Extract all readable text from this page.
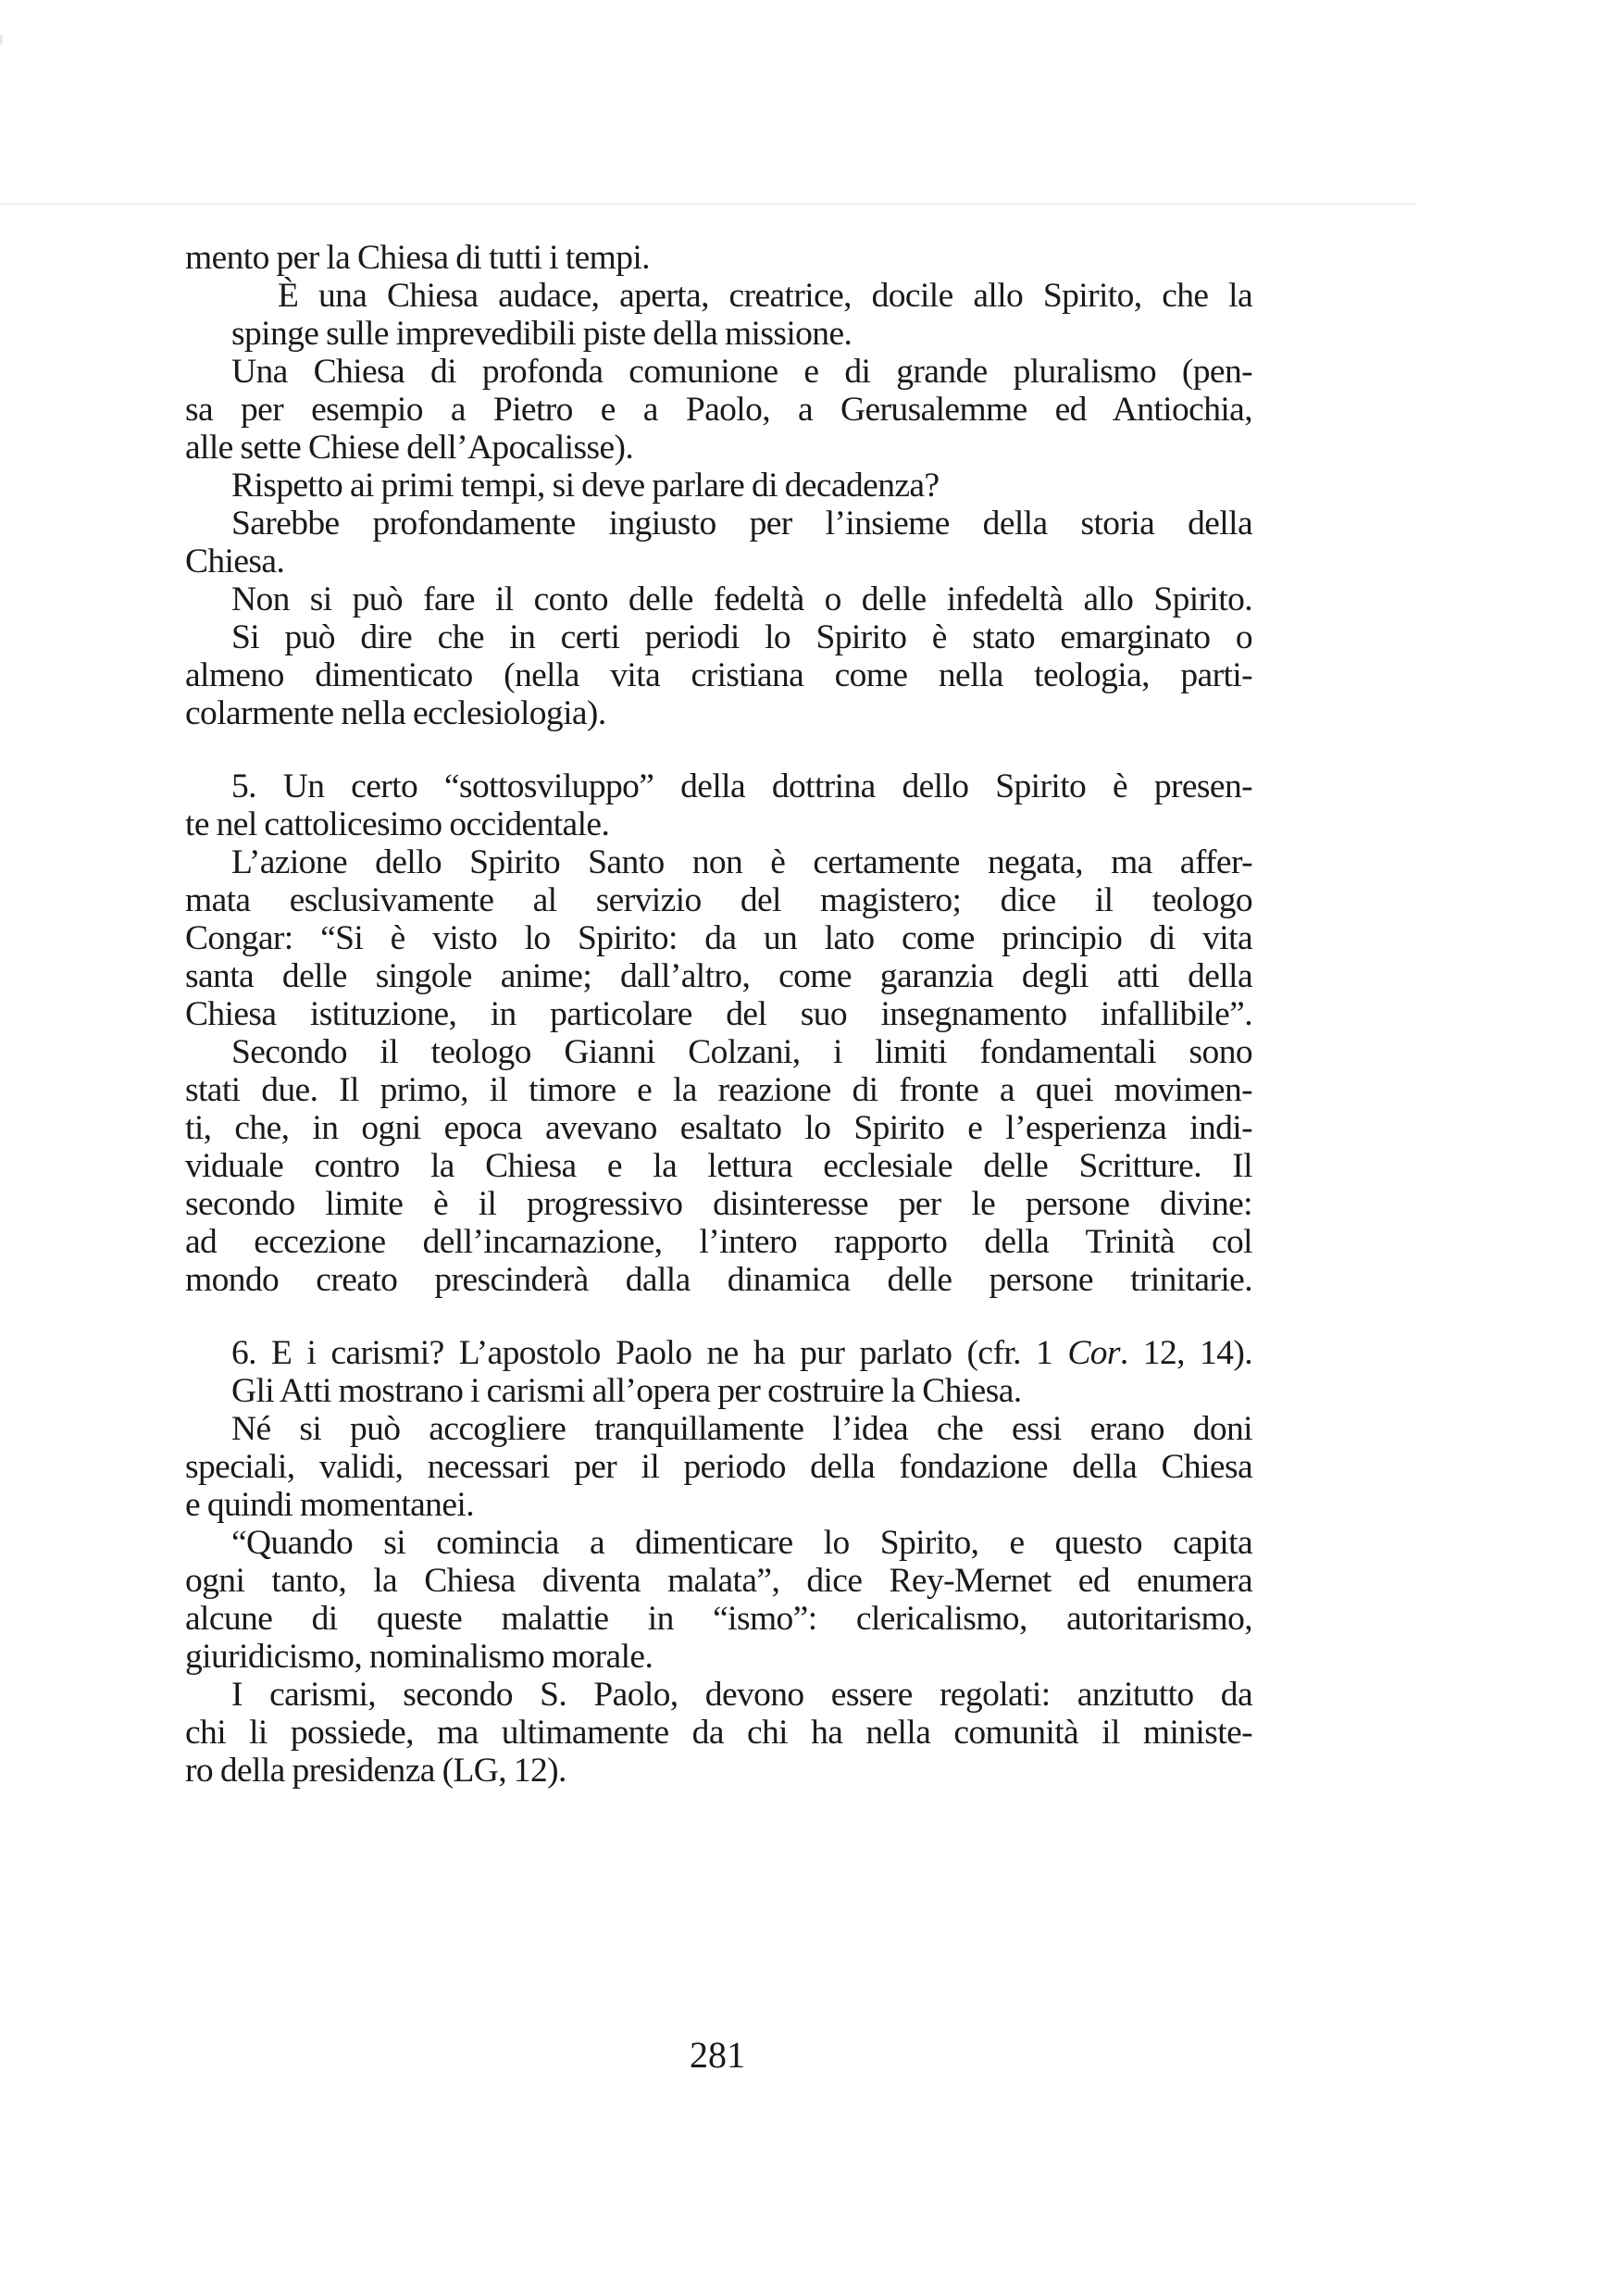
mento per la Chiesa di tutti i tempi.

È una Chiesa audace, aperta, creatrice, docile allo Spirito, che la
spinge sulle imprevedibili piste della missione.

Una Chiesa di profonda comunione e di grande pluralismo (pen-
sa per esempio a Pietro e a Paolo, a Gerusalemme ed Antiochia,
alle sette Chiese dell’Apocalisse).

Rispetto ai primi tempi, si deve parlare di decadenza?

Sarebbe profondamente ingiusto per l’insieme della storia della
Chiesa.

Non si può fare il conto delle fedeltà o delle infedeltà allo Spirito.

Si può dire che in certi periodi lo Spirito è stato emarginato o
almeno dimenticato (nella vita cristiana come nella teologia, parti-
colarmente nella ecclesiologia).

5. Un certo “sottosviluppo” della dottrina dello Spirito è presen-
te nel cattolicesimo occidentale.

L’azione dello Spirito Santo non è certamente negata, ma affer-
mata esclusivamente al servizio del magistero; dice il teologo
Congar: “Si è visto lo Spirito: da un lato come principio di vita
santa delle singole anime; dall’altro, come garanzia degli atti della
Chiesa istituzione, in particolare del suo insegnamento infallibile”.

Secondo il teologo Gianni Colzani, i limiti fondamentali sono
stati due. Il primo, il timore e la reazione di fronte a quei movimen-
ti, che, in ogni epoca avevano esaltato lo Spirito e l’esperienza indi-
viduale contro la Chiesa e la lettura ecclesiale delle Scritture. Il
secondo limite è il progressivo disinteresse per le persone divine:
ad eccezione dell’incarnazione, l’intero rapporto della Trinità col
mondo creato prescinderà dalla dinamica delle persone trinitarie.

6. E i carismi? L’apostolo Paolo ne ha pur parlato (cfr. 1 Cor. 12, 14).
Gli Atti mostrano i carismi all’opera per costruire la Chiesa.

Né si può accogliere tranquillamente l’idea che essi erano doni
speciali, validi, necessari per il periodo della fondazione della Chiesa
e quindi momentanei.

“Quando si comincia a dimenticare lo Spirito, e questo capita
ogni tanto, la Chiesa diventa malata”, dice Rey-Mernet ed enumera
alcune di queste malattie in “ismo”: clericalismo, autoritarismo,
giuridicismo, nominalismo morale.

I carismi, secondo S. Paolo, devono essere regolati: anzitutto da
chi li possiede, ma ultimamente da chi ha nella comunità il ministe-
ro della presidenza (LG, 12).

281
